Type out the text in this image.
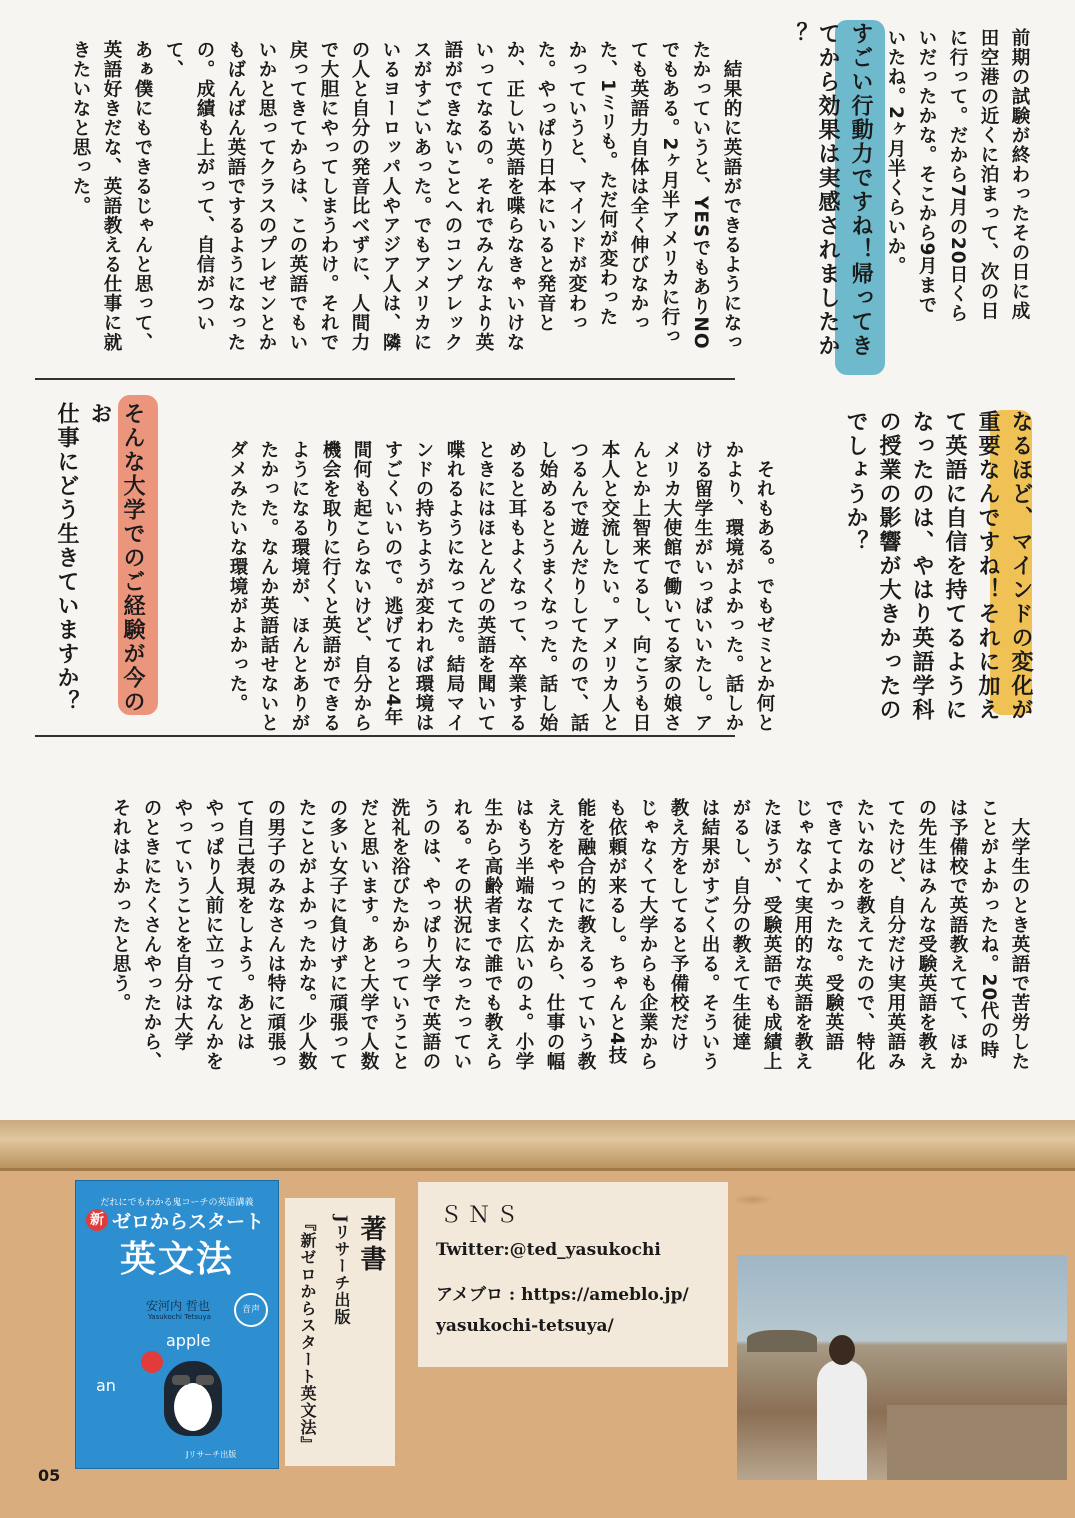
前期の試験が終わったその日に成
田空港の近くに泊まって、次の日
に行って。だから7月の20日くら
いだったかな。そこから9月まで
いたね。2ヶ月半くらいか。
すごい行動力ですね！帰ってき
てから効果は実感されましたか
？
　結果的に英語ができるようになっ
たかっていうと、YESでもありNO
でもある。2ヶ月半アメリカに行っ
ても英語力自体は全く伸びなかっ
た、1ミリも。ただ何が変わった
かっていうと、マインドが変わっ
た。やっぱり日本にいると発音と
か、正しい英語を喋らなきゃいけな
いってなるの。それでみんなより英
語ができないことへのコンプレック
スがすごいあった。でもアメリカに
いるヨーロッパ人やアジア人は、隣
の人と自分の発音比べずに、人間力
で大胆にやってしまうわけ。それで
戻ってきてからは、この英語でもい
いかと思ってクラスのプレゼンとか
もばんばん英語でするようになった
の。成績も上がって、自信がついて、
あぁ僕にもできるじゃんと思って、
英語好きだな、英語教える仕事に就
きたいなと思った。
なるほど、マインドの変化が
重要なんですね！それに加え
て英語に自信を持てるように
なったのは、やはり英語学科
の授業の影響が大きかったの
でしょうか？
　それもある。でもゼミとか何と
かより、環境がよかった。話しか
ける留学生がいっぱいいたし。ア
メリカ大使館で働いてる家の娘さ
んとか上智来てるし、向こうも日
本人と交流したい。アメリカ人と
つるんで遊んだりしてたので、話
し始めるとうまくなった。話し始
めると耳もよくなって、卒業する
ときにはほとんどの英語を聞いて
喋れるようになってた。結局マイ
ンドの持ちようが変われば環境は
すごくいいので。逃げてると4年
間何も起こらないけど、自分から
機会を取りに行くと英語ができる
ようになる環境が、ほんとありが
たかった。なんか英語話せないと
ダメみたいな環境がよかった。
そんな大学でのご経験が今のお
仕事にどう生きていますか？
　大学生のとき英語で苦労した
ことがよかったね。20代の時
は予備校で英語教えてて、ほか
の先生はみんな受験英語を教え
てたけど、自分だけ実用英語み
たいなのを教えてたので、特化
できてよかったな。受験英語
じゃなくて実用的な英語を教え
たほうが、受験英語でも成績上
がるし、自分の教えて生徒達
は結果がすごく出る。そういう
教え方をしてると予備校だけ
じゃなくて大学からも企業から
も依頼が来るし。ちゃんと4技
能を融合的に教えるっていう教
え方をやってたから、仕事の幅
はもう半端なく広いのよ。小学
生から高齢者まで誰でも教えら
れる。その状況になったってい
うのは、やっぱり大学で英語の
洗礼を浴びたからっていうこと
だと思います。あと大学で人数
の多い女子に負けずに頑張って
たことがよかったかな。少人数
の男子のみなさんは特に頑張っ
て自己表現をしよう。あとは
やっぱり人前に立ってなんかを
やっていうことを自分は大学
のときにたくさんやったから、
それはよかったと思う。
だれにでもわかる鬼コーチの英語講義
新 ゼロからスタート
英文法
安河内 哲也
Yasukochi Tetsuya
音声
apple
an
Jリサーチ出版
著書
Jリサーチ出版
『新ゼロからスタート英文法』	ＳＮＳ
Twitter:@ted_yasukochi
アメブロ : https://ameblo.jp/
yasukochi-tetsuya/
05
